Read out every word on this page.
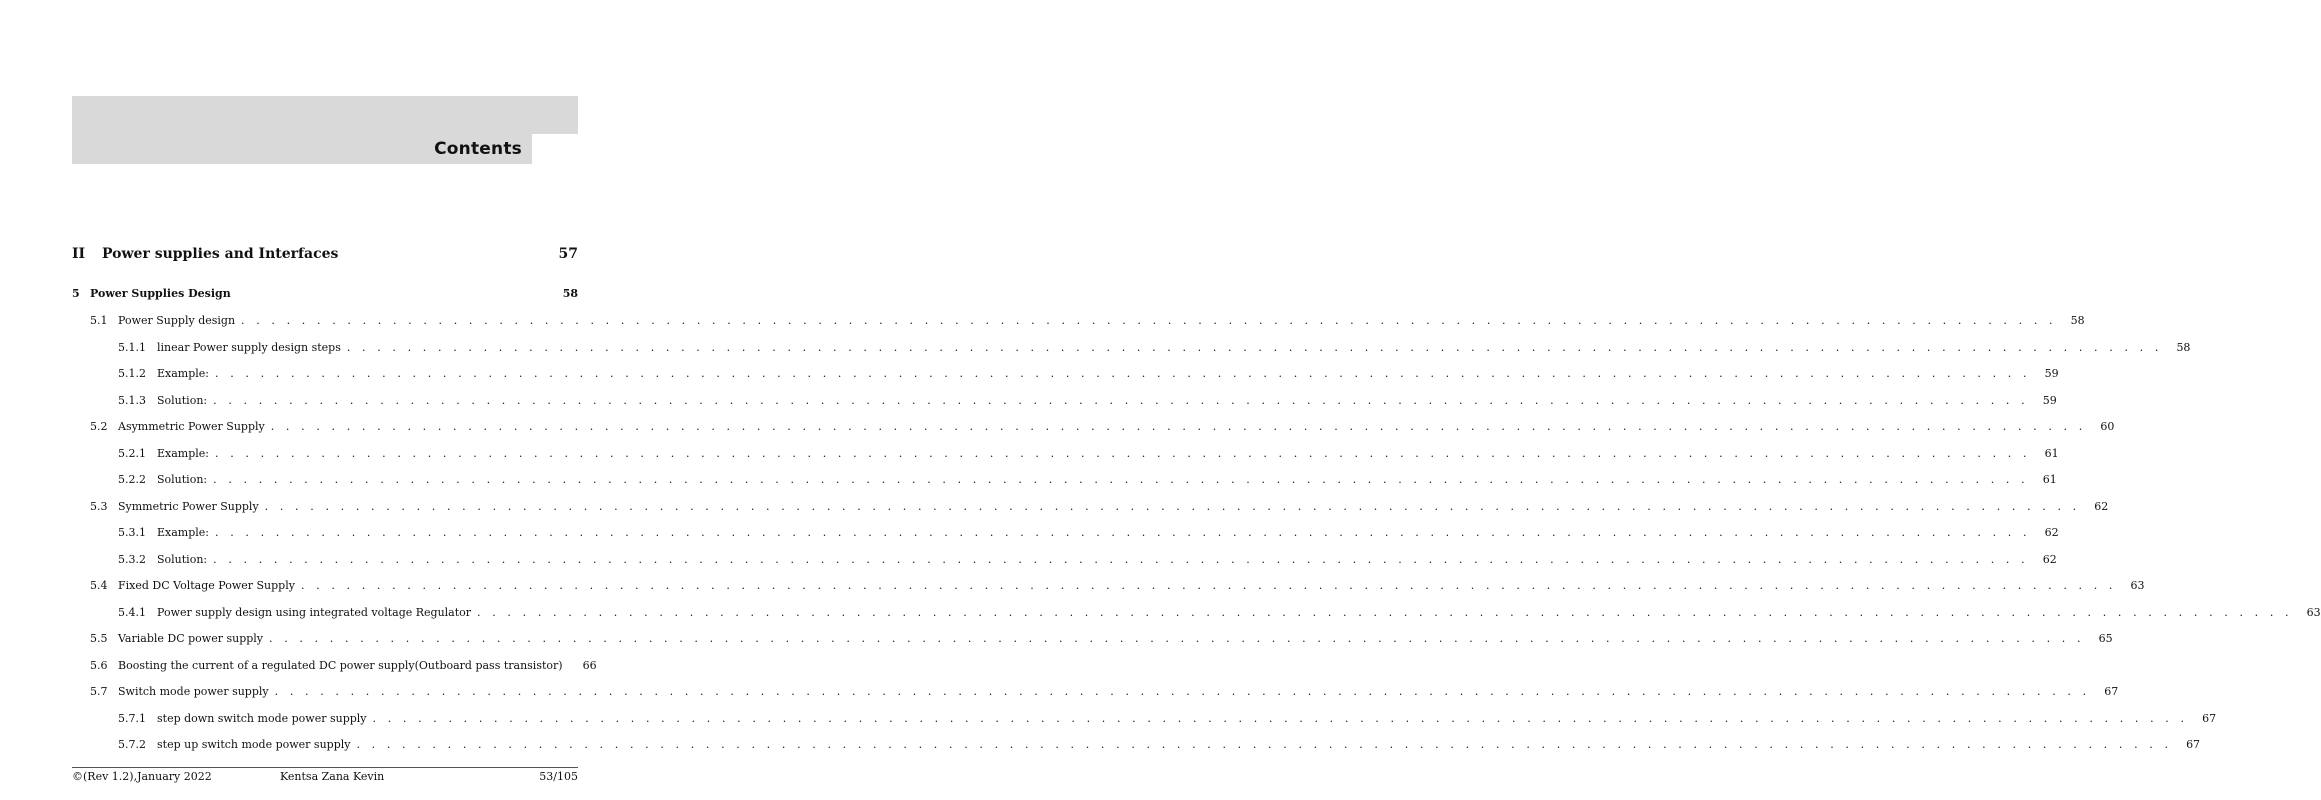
Contents
II Power supplies and Interfaces	57
5 Power Supplies Design	58
5.1 Power Supply design . . . . . . . . . . . . . . . . . . . . . . . . . . . . . . . . . . . . . . . . . . . . . . . . . . . . . . . . . . . . . . . . . . . . . . . . . . . . . . . . . . . . . . . . . . . . . . . . . . . . . . . . . . . . . . . . . . . . . . . .	58
5.1.1	linear Power supply design steps . . . . . . . . . . . . . . . . . . . . . . . . . . . . . . . . . . . . . . . . . . . . . . . . . . . . . . . . . . . . . . . . . . . . . . . . . . . . . . . . . . . . . . . . . . . . . . . . . . . . . . . . . . . . . . . . . . . . . . . .	58
5.1.2	Example: . . . . . . . . . . . . . . . . . . . . . . . . . . . . . . . . . . . . . . . . . . . . . . . . . . . . . . . . . . . . . . . . . . . . . . . . . . . . . . . . . . . . . . . . . . . . . . . . . . . . . . . . . . . . . . . . . . . . . . . .	59
5.1.3	Solution: . . . . . . . . . . . . . . . . . . . . . . . . . . . . . . . . . . . . . . . . . . . . . . . . . . . . . . . . . . . . . . . . . . . . . . . . . . . . . . . . . . . . . . . . . . . . . . . . . . . . . . . . . . . . . . . . . . . . . . . .	59
5.2 Asymmetric Power Supply . . . . . . . . . . . . . . . . . . . . . . . . . . . . . . . . . . . . . . . . . . . . . . . . . . . . . . . . . . . . . . . . . . . . . . . . . . . . . . . . . . . . . . . . . . . . . . . . . . . . . . . . . . . . . . . . . . . . . . . .	60
5.2.1	Example: . . . . . . . . . . . . . . . . . . . . . . . . . . . . . . . . . . . . . . . . . . . . . . . . . . . . . . . . . . . . . . . . . . . . . . . . . . . . . . . . . . . . . . . . . . . . . . . . . . . . . . . . . . . . . . . . . . . . . . . .	61
5.2.2	Solution: . . . . . . . . . . . . . . . . . . . . . . . . . . . . . . . . . . . . . . . . . . . . . . . . . . . . . . . . . . . . . . . . . . . . . . . . . . . . . . . . . . . . . . . . . . . . . . . . . . . . . . . . . . . . . . . . . . . . . . . .	61
5.3 Symmetric Power Supply . . . . . . . . . . . . . . . . . . . . . . . . . . . . . . . . . . . . . . . . . . . . . . . . . . . . . . . . . . . . . . . . . . . . . . . . . . . . . . . . . . . . . . . . . . . . . . . . . . . . . . . . . . . . . . . . . . . . . . . .	62
5.3.1	Example: . . . . . . . . . . . . . . . . . . . . . . . . . . . . . . . . . . . . . . . . . . . . . . . . . . . . . . . . . . . . . . . . . . . . . . . . . . . . . . . . . . . . . . . . . . . . . . . . . . . . . . . . . . . . . . . . . . . . . . . .	62
5.3.2	Solution: . . . . . . . . . . . . . . . . . . . . . . . . . . . . . . . . . . . . . . . . . . . . . . . . . . . . . . . . . . . . . . . . . . . . . . . . . . . . . . . . . . . . . . . . . . . . . . . . . . . . . . . . . . . . . . . . . . . . . . . .	62
5.4 Fixed DC Voltage Power Supply . . . . . . . . . . . . . . . . . . . . . . . . . . . . . . . . . . . . . . . . . . . . . . . . . . . . . . . . . . . . . . . . . . . . . . . . . . . . . . . . . . . . . . . . . . . . . . . . . . . . . . . . . . . . . . . . . . . . . . . .	63
5.4.1	Power supply design using integrated voltage Regulator . . . . . . . . . . . . . . . . . . . . . . . . . . . . . . . . . . . . . . . . . . . . . . . . . . . . . . . . . . . . . . . . . . . . . . . . . . . . . . . . . . . . . . . . . . . . . . . . . . . . . . . . . . . . . . . . . . . . . . . .	63
5.5 Variable DC power supply . . . . . . . . . . . . . . . . . . . . . . . . . . . . . . . . . . . . . . . . . . . . . . . . . . . . . . . . . . . . . . . . . . . . . . . . . . . . . . . . . . . . . . . . . . . . . . . . . . . . . . . . . . . . . . . . . . . . . . . .	65
5.6 Boosting the current of a regulated DC power supply(Outboard pass transistor)	66
5.7 Switch mode power supply . . . . . . . . . . . . . . . . . . . . . . . . . . . . . . . . . . . . . . . . . . . . . . . . . . . . . . . . . . . . . . . . . . . . . . . . . . . . . . . . . . . . . . . . . . . . . . . . . . . . . . . . . . . . . . . . . . . . . . . .	67
5.7.1	step down switch mode power supply . . . . . . . . . . . . . . . . . . . . . . . . . . . . . . . . . . . . . . . . . . . . . . . . . . . . . . . . . . . . . . . . . . . . . . . . . . . . . . . . . . . . . . . . . . . . . . . . . . . . . . . . . . . . . . . . . . . . . . . .	67
5.7.2	step up switch mode power supply . . . . . . . . . . . . . . . . . . . . . . . . . . . . . . . . . . . . . . . . . . . . . . . . . . . . . . . . . . . . . . . . . . . . . . . . . . . . . . . . . . . . . . . . . . . . . . . . . . . . . . . . . . . . . . . . . . . . . . . .	67
©(Rev 1.2),January 2022	Kentsa Zana Kevin	53/105
